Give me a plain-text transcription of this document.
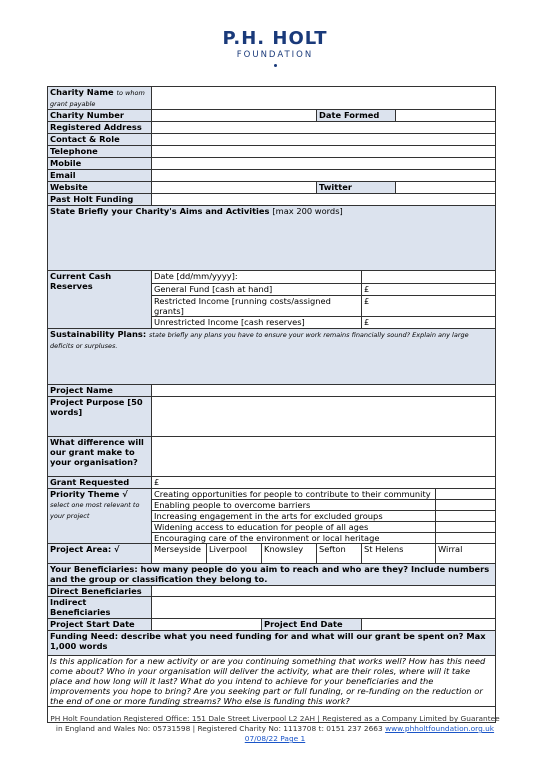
P.H. HOLT
FOUNDATION
Charity Name to whom grant payable							
Charity Number				Date Formed			
Registered Address							
Contact & Role							
Telephone							
Mobile							
Email							
Website				Twitter			
Past Holt Funding							
State Briefly your Charity's Aims and Activities [max 200 words]							
Current Cash Reserves	Date [dd/mm/yyyy]:						
	General Fund [cash at hand]				£		
	Restricted Income [running costs/assigned grants]				£		
	Unrestricted Income [cash reserves]				£		
Sustainability Plans: state briefly any plans you have to ensure your work remains financially sound? Explain any large deficits or surpluses.							
Project Name							
Project Purpose [50 words]							
What difference will our grant make to your organisation?							
Grant Requested	£						
Priority Theme √
select one most relevant to your project	Creating opportunities for people to contribute to their community						
	Enabling people to overcome barriers						
	Increasing engagement in the arts for excluded groups						
	Widening access to education for people of all ages						
	Encouraging care of the environment or local heritage						
Project Area: √	Merseyside	Liverpool	Knowsley	Sefton	St Helens		Wirral
Your Beneficiaries: how many people do you aim to reach and who are they? Include numbers and the group or classification they belong to.							
Direct Beneficiaries							
Indirect Beneficiaries							
Project Start Date			Project End Date				
Funding Need: describe what you need funding for and what will our grant be spent on? Max 1,000 words							
Is this application for a new activity or are you continuing something that works well? How has this need come about? Who in your organisation will deliver the activity, what are their roles, where will it take place and how long will it last? What do you intend to achieve for your beneficiaries and the improvements you hope to bring? Are you seeking part or full funding, or re-funding on the reduction or the end of one or more funding streams? Who else is funding this work?							

PH Holt Foundation Registered Office: 151 Dale Street Liverpool L2 2AH | Registered as a Company Limited by Guarantee
in England and Wales No: 05731598 | Registered Charity No: 1113708 t: 0151 237 2663 www.phholtfoundation.org.uk
07/08/22 Page 1
